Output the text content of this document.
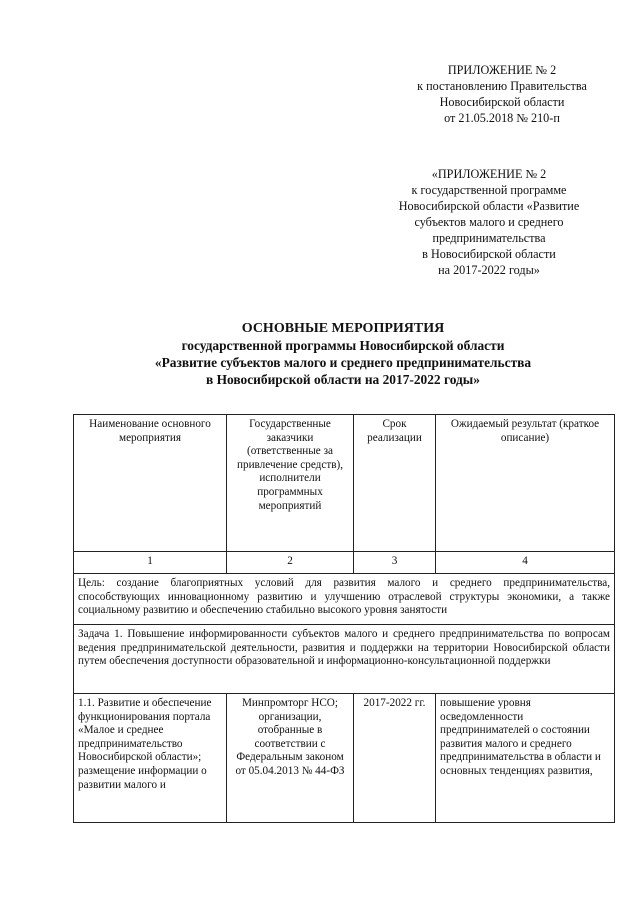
ПРИЛОЖЕНИЕ № 2
к постановлению Правительства
Новосибирской области
от 21.05.2018 № 210-п
«ПРИЛОЖЕНИЕ № 2
к государственной программе
Новосибирской области «Развитие
субъектов малого и среднего
предпринимательства
в Новосибирской области
на 2017-2022 годы»
ОСНОВНЫЕ МЕРОПРИЯТИЯ
государственной программы Новосибирской области
«Развитие субъектов малого и среднего предпринимательства
в Новосибирской области на 2017-2022 годы»
Наименование основного мероприятия	Государственные заказчики (ответственные за привлечение средств), исполнители программных мероприятий	Срок реализации	Ожидаемый результат (краткое описание)
1	2	3	4
Цель: создание благоприятных условий для развития малого и среднего предпринимательства, способствующих инновационному развитию и улучшению отраслевой структуры экономики, а также социальному развитию и обеспечению стабильно высокого уровня занятости			
Задача 1. Повышение информированности субъектов малого и среднего предпринимательства по вопросам ведения предпринимательской деятельности, развития и поддержки на территории Новосибирской области путем обеспечения доступности образовательной и информационно-консультационной поддержки			
1.1. Развитие и обеспечение функционирования портала «Малое и среднее предпринимательство Новосибирской области»; размещение информации о развитии малого и	Минпромторг НСО; организации, отобранные в соответствии с Федеральным законом от 05.04.2013 № 44-ФЗ	2017-2022 гг.	повышение уровня осведомленности предпринимателей о состоянии развития малого и среднего предпринимательства в области и основных тенденциях развития,
